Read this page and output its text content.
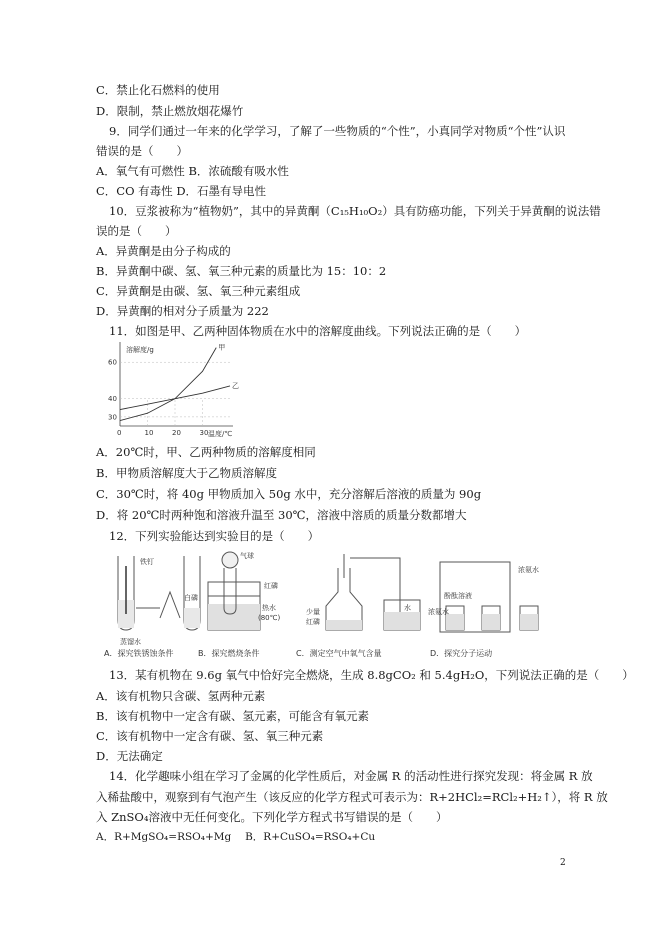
C．禁止化石燃料的使用
D．限制，禁止燃放烟花爆竹
9．同学们通过一年来的化学学习，了解了一些物质的“个性”，小真同学对物质“个性”认识
错误的是（　　）
A．氧气有可燃性 B．浓硫酸有吸水性
C．CO 有毒性 D．石墨有导电性
10．豆浆被称为“植物奶”，其中的异黄酮（C₁₅H₁₀O₂）具有防癌功能，下列关于异黄酮的说法错
误的是（　　）
A．异黄酮是由分子构成的
B．异黄酮中碳、氢、氧三种元素的质量比为 15：10：2
C．异黄酮是由碳、氢、氧三种元素组成
D．异黄酮的相对分子质量为 222
11．如图是甲、乙两种固体物质在水中的溶解度曲线。下列说法正确的是（　　）
溶解度/g
温度/℃
30
40
60
0	10	20	30
甲
乙
A．20℃时，甲、乙两种物质的溶解度相同
B．甲物质溶解度大于乙物质溶解度
C．30℃时，将 40g 甲物质加入 50g 水中，充分溶解后溶液的质量为 90g
D．将 20℃时两种饱和溶液升温至 30℃，溶液中溶质的质量分数都增大
12．下列实验能达到实验目的是（　　）
铁钉
蒸馏水
气球
红磷
白磷
热水
(80℃)
少量
红磷
水
酚酞溶液
浓氨水
浓氨水
A．探究铁锈蚀条件	B．探究燃烧条件	C．测定空气中氧气含量	D．探究分子运动
13．某有机物在 9.6g 氧气中恰好完全燃烧，生成 8.8gCO₂ 和 5.4gH₂O，下列说法正确的是（　　）
A．该有机物只含碳、氢两种元素
B．该有机物中一定含有碳、氢元素，可能含有氧元素
C．该有机物中一定含有碳、氢、氧三种元素
D．无法确定
14．化学趣味小组在学习了金属的化学性质后，对金属 R 的活动性进行探究发现：将金属 R 放
入稀盐酸中，观察到有气泡产生（该反应的化学方程式可表示为：R+2HCl₂=RCl₂+H₂↑），将 R 放
入 ZnSO₄溶液中无任何变化。下列化学方程式书写错误的是（　　）
A．R+MgSO₄=RSO₄+Mg　 B．R+CuSO₄=RSO₄+Cu
2
